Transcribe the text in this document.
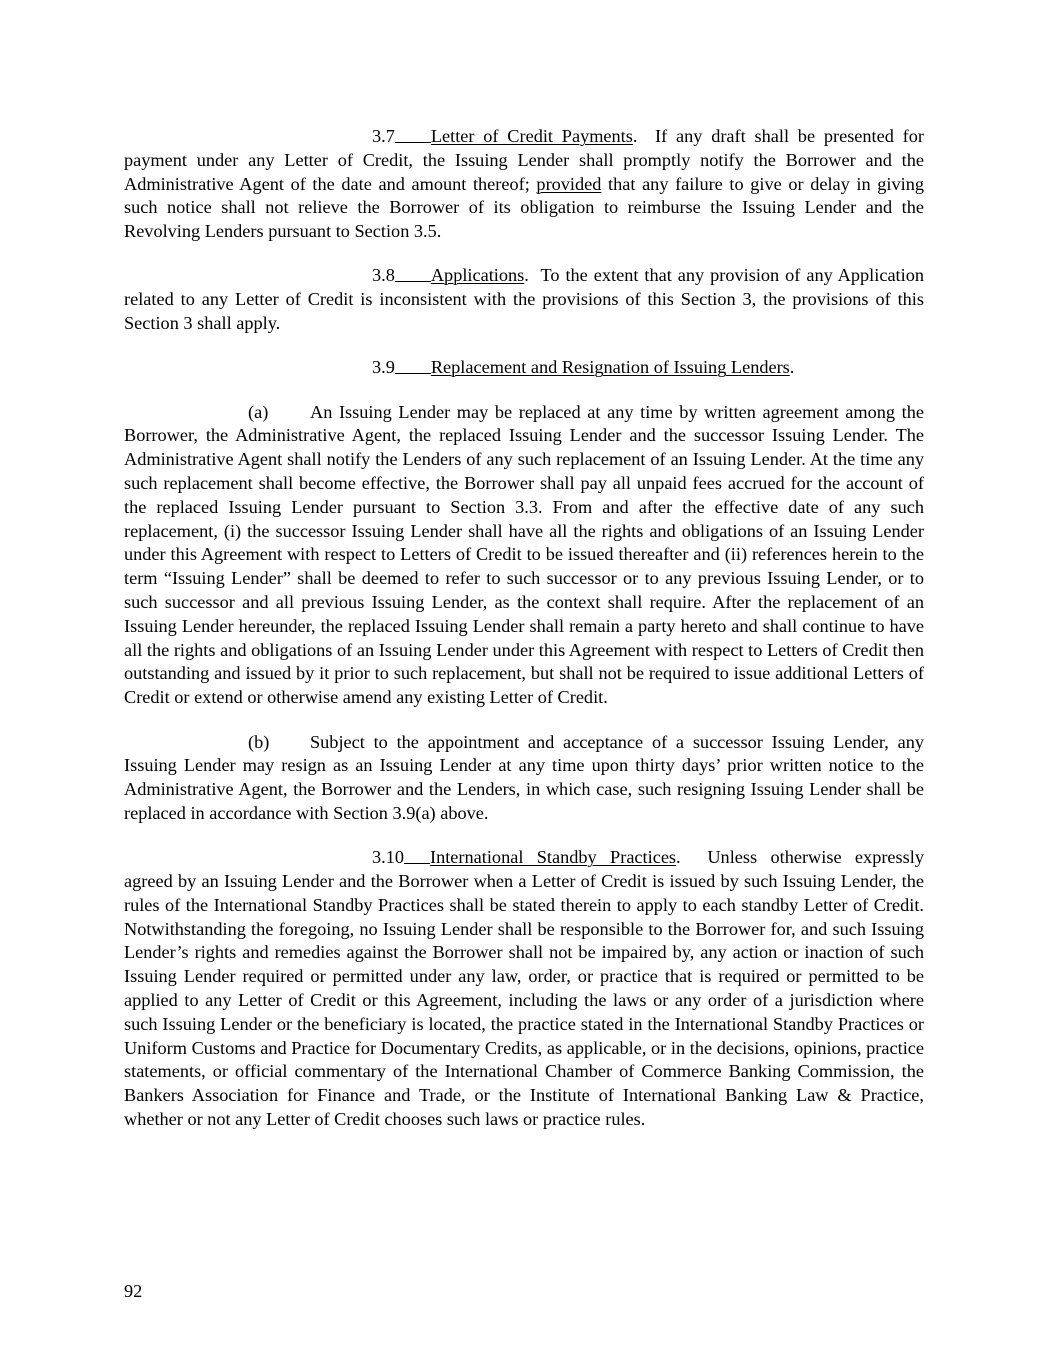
3.7 Letter of Credit Payments.  If any draft shall be presented for payment under any Letter of Credit, the Issuing Lender shall promptly notify the Borrower and the Administrative Agent of the date and amount thereof; provided that any failure to give or delay in giving such notice shall not relieve the Borrower of its obligation to reimburse the Issuing Lender and the Revolving Lenders pursuant to Section 3.5.

3.8 Applications.  To the extent that any provision of any Application related to any Letter of Credit is inconsistent with the provisions of this Section 3, the provisions of this Section 3 shall apply.

3.9 Replacement and Resignation of Issuing Lenders.

(a) An Issuing Lender may be replaced at any time by written agreement among the Borrower, the Administrative Agent, the replaced Issuing Lender and the successor Issuing Lender. The Administrative Agent shall notify the Lenders of any such replacement of an Issuing Lender. At the time any such replacement shall become effective, the Borrower shall pay all unpaid fees accrued for the account of the replaced Issuing Lender pursuant to Section 3.3. From and after the effective date of any such replacement, (i) the successor Issuing Lender shall have all the rights and obligations of an Issuing Lender under this Agreement with respect to Letters of Credit to be issued thereafter and (ii) references herein to the term “Issuing Lender” shall be deemed to refer to such successor or to any previous Issuing Lender, or to such successor and all previous Issuing Lender, as the context shall require. After the replacement of an Issuing Lender hereunder, the replaced Issuing Lender shall remain a party hereto and shall continue to have all the rights and obligations of an Issuing Lender under this Agreement with respect to Letters of Credit then outstanding and issued by it prior to such replacement, but shall not be required to issue additional Letters of Credit or extend or otherwise amend any existing Letter of Credit.

(b) Subject to the appointment and acceptance of a successor Issuing Lender, any Issuing Lender may resign as an Issuing Lender at any time upon thirty days’ prior written notice to the Administrative Agent, the Borrower and the Lenders, in which case, such resigning Issuing Lender shall be replaced in accordance with Section 3.9(a) above.

3.10 International Standby Practices.  Unless otherwise expressly agreed by an Issuing Lender and the Borrower when a Letter of Credit is issued by such Issuing Lender, the rules of the International Standby Practices shall be stated therein to apply to each standby Letter of Credit. Notwithstanding the foregoing, no Issuing Lender shall be responsible to the Borrower for, and such Issuing Lender’s rights and remedies against the Borrower shall not be impaired by, any action or inaction of such Issuing Lender required or permitted under any law, order, or practice that is required or permitted to be applied to any Letter of Credit or this Agreement, including the laws or any order of a jurisdiction where such Issuing Lender or the beneficiary is located, the practice stated in the International Standby Practices or Uniform Customs and Practice for Documentary Credits, as applicable, or in the decisions, opinions, practice statements, or official commentary of the International Chamber of Commerce Banking Commission, the Bankers Association for Finance and Trade, or the Institute of International Banking Law & Practice, whether or not any Letter of Credit chooses such laws or practice rules.

92
